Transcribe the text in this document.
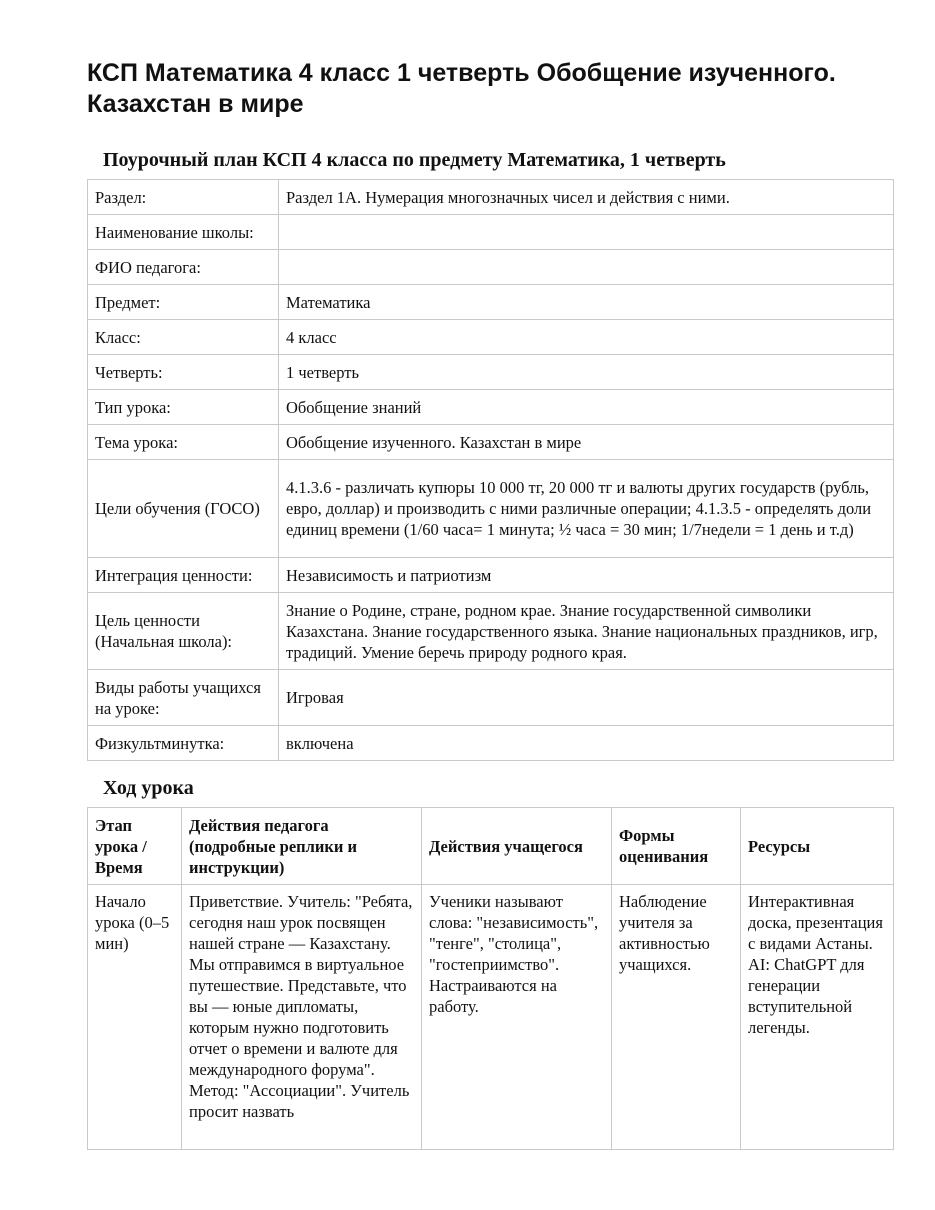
КСП Математика 4 класс 1 четверть Обобщение изученного. Казахстан в мире
Поурочный план КСП 4 класса по предмету Математика, 1 четверть
Раздел:	Раздел 1А. Нумерация многозначных чисел и действия с ними.
Наименование школы:	
ФИО педагога:	
Предмет:	Математика
Класс:	4 класс
Четверть:	1 четверть
Тип урока:	Обобщение знаний
Тема урока:	Обобщение изученного. Казахстан в мире
Цели обучения (ГОСО)	4.1.3.6 - различать купюры 10 000 тг, 20 000 тг и валюты других государств (рубль, евро, доллар) и производить с ними различные операции; 4.1.3.5 - определять доли единиц времени (1/60 часа= 1 минута; ½ часа = 30 мин; 1/7недели = 1 день и т.д)
Интеграция ценности:	Независимость и патриотизм
Цель ценности (Начальная школа):	Знание о Родине, стране, родном крае. Знание государственной символики Казахстана. Знание государственного языка. Знание национальных праздников, игр, традиций. Умение беречь природу родного края.
Виды работы учащихся на уроке:	Игровая
Физкультминутка:	включена
Ход урока
Этап урока / Время	Действия педагога (подробные реплики и инструкции)	Действия учащегося	Формы оценивания	Ресурсы
Начало урока (0–5 мин)	Приветствие. Учитель: "Ребята, сегодня наш урок посвящен нашей стране — Казахстану. Мы отправимся в виртуальное путешествие. Представьте, что вы — юные дипломаты, которым нужно подготовить отчет о времени и валюте для международного форума". Метод: "Ассоциации". Учитель просит назвать	Ученики называют слова: "независимость", "тенге", "столица", "гостеприимство". Настраиваются на работу.	Наблюдение учителя за активностью учащихся.	Интерактивная доска, презентация с видами Астаны. AI: ChatGPT для генерации вступительной легенды.
